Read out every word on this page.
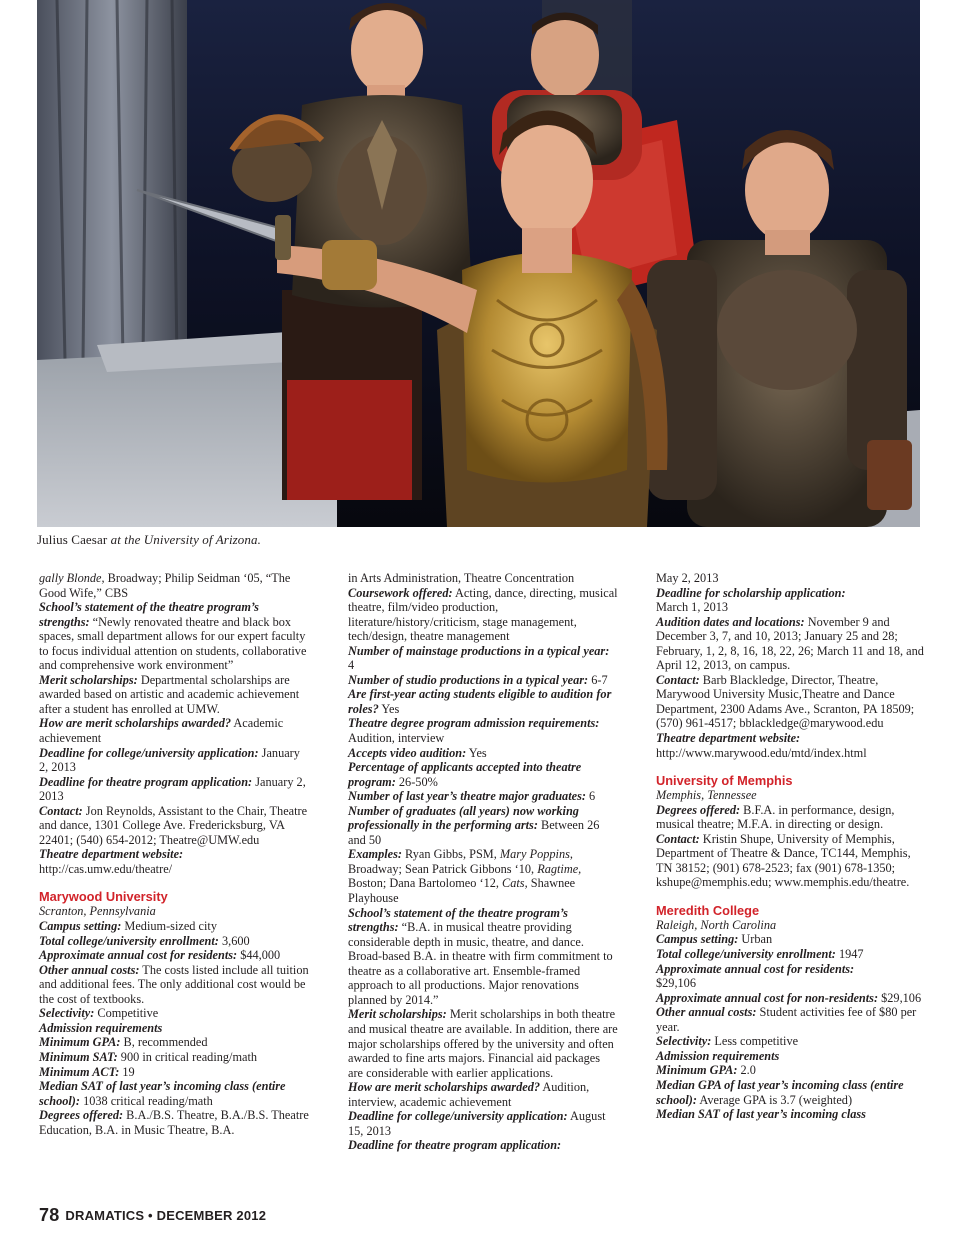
Julius Caesar at the University of Arizona.

gally Blonde, Broadway; Philip Seidman ‘05, “The Good Wife,” CBS

School’s statement of the theatre program’s strengths: “Newly renovated theatre and black box spaces, small department allows for our expert faculty to focus individual attention on students, collaborative and comprehensive work environment”

Merit scholarships: Departmental scholarships are awarded based on artistic and academic achievement after a student has enrolled at UMW.

How are merit scholarships awarded? Academic achievement

Deadline for college/university application: January 2, 2013

Deadline for theatre program application: January 2, 2013

Contact: Jon Reynolds, Assistant to the Chair, Theatre and dance, 1301 College Ave. Fredericksburg, VA 22401; (540) 654-2012; Theatre@UMW.edu

Theatre department website: http://cas.umw.edu/theatre/

Marywood University

Scranton, Pennsylvania

Campus setting: Medium-sized city

Total college/university enrollment: 3,600

Approximate annual cost for residents: $44,000

Other annual costs: The costs listed include all tuition and additional fees. The only additional cost would be the cost of textbooks.

Selectivity: Competitive

Admission requirements

Minimum GPA: B, recommended

Minimum SAT: 900 in critical reading/math

Minimum ACT: 19

Median SAT of last year’s incoming class (entire school): 1038 critical reading/math

Degrees offered: B.A./B.S. Theatre, B.A./B.S. Theatre Education, B.A. in Music Theatre, B.A.

in Arts Administration, Theatre Concentration

Coursework offered: Acting, dance, directing, musical theatre, film/video production, literature/history/criticism, stage management, tech/design, theatre management

Number of mainstage productions in a typical year: 4

Number of studio productions in a typical year: 6-7

Are first-year acting students eligible to audition for roles? Yes

Theatre degree program admission requirements: Audition, interview

Accepts video audition: Yes

Percentage of applicants accepted into theatre program: 26-50%

Number of last year’s theatre major graduates: 6

Number of graduates (all years) now working professionally in the performing arts: Between 26 and 50

Examples: Ryan Gibbs, PSM, Mary Poppins, Broadway; Sean Patrick Gibbons ‘10, Ragtime, Boston; Dana Bartolomeo ‘12, Cats, Shawnee Playhouse

School’s statement of the theatre program’s strengths: “B.A. in musical theatre providing considerable depth in music, theatre, and dance. Broad-based B.A. in theatre with firm commitment to theatre as a collaborative art. Ensemble-framed approach to all productions. Major renovations planned by 2014.”

Merit scholarships: Merit scholarships in both theatre and musical theatre are available. In addition, there are major scholarships offered by the university and often awarded to fine arts majors. Financial aid packages are considerable with earlier applications.

How are merit scholarships awarded? Audition, interview, academic achievement

Deadline for college/university application: August 15, 2013

Deadline for theatre program application:

May 2, 2013

Deadline for scholarship application:
March 1, 2013

Audition dates and locations: November 9 and December 3, 7, and 10, 2013; January 25 and 28; February, 1, 2, 8, 16, 18, 22, 26; March 11 and 18, and April 12, 2013, on campus.

Contact: Barb Blackledge, Director, Theatre, Marywood University Music,Theatre and Dance Department, 2300 Adams Ave., Scranton, PA 18509; (570) 961-4517; bblackledge@marywood.edu

Theatre department website: http://www.marywood.edu/mtd/index.html

University of Memphis

Memphis, Tennessee

Degrees offered: B.F.A. in performance, design, musical theatre; M.F.A. in directing or design.

Contact: Kristin Shupe, University of Memphis, Department of Theatre & Dance, TC144, Memphis, TN 38152; (901) 678-2523; fax (901) 678-1350; kshupe@memphis.edu; www.memphis.edu/theatre.

Meredith College

Raleigh, North Carolina

Campus setting: Urban

Total college/university enrollment: 1947

Approximate annual cost for residents:
$29,106

Approximate annual cost for non-residents: $29,106

Other annual costs: Student activities fee of $80 per year.

Selectivity: Less competitive

Admission requirements

Minimum GPA: 2.0

Median GPA of last year’s incoming class (entire school): Average GPA is 3.7 (weighted)

Median SAT of last year’s incoming class

78 DRAMATICS • DECEMBER 2012
